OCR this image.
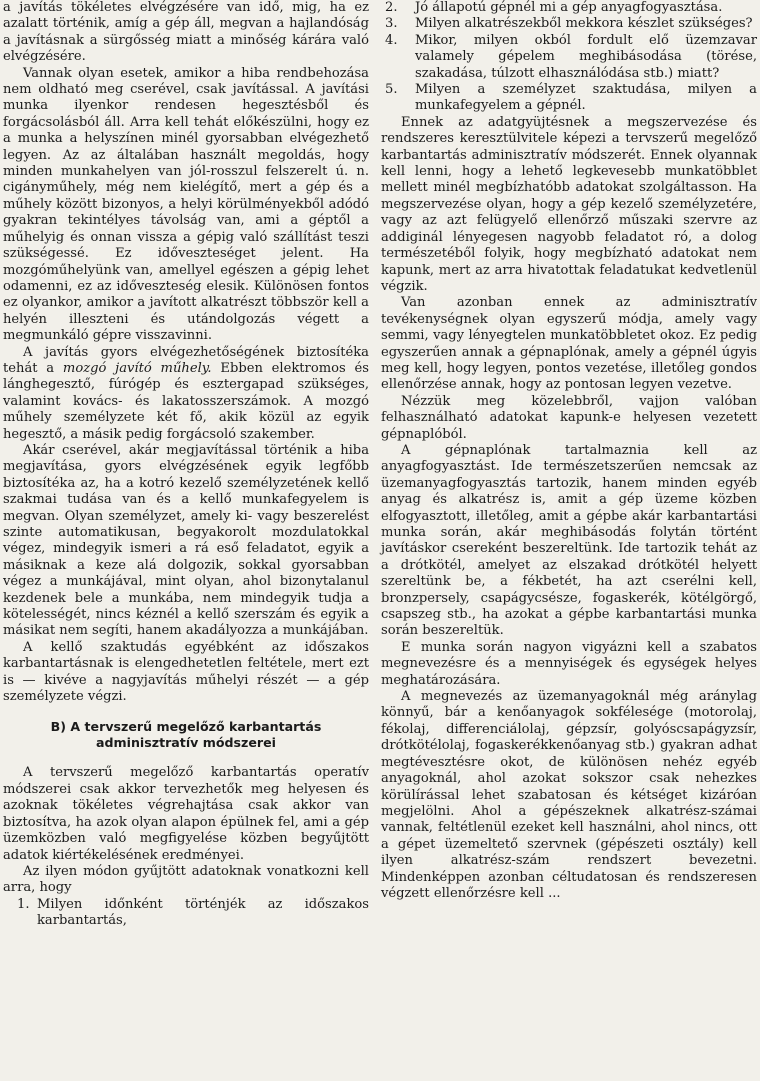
a javítás tökéletes elvégzésére van idő, mig, ha ez azalatt történik, amíg a gép áll, megvan a hajlandóság a javításnak a sürgősség miatt a minőség kárára való elvégzésére.

Vannak olyan esetek, amikor a hiba rendbehozása nem oldható meg cserével, csak javítással. A javítási munka ilyenkor rendesen hegesztésből és forgácsolásból áll. Arra kell tehát előkészülni, hogy ez a munka a helyszínen minél gyorsabban elvégezhető legyen. Az az általában használt megoldás, hogy minden munkahelyen van jól-rosszul felszerelt ú. n. cigányműhely, még nem kielégítő, mert a gép és a műhely között bizonyos, a helyi körülményekből adódó gyakran tekintélyes távolság van, ami a géptől a műhelyig és onnan vissza a gépig való szállítást teszi szükségessé. Ez időveszteséget jelent. Ha mozgóműhelyünk van, amellyel egészen a gépig lehet odamenni, ez az időveszteség elesik. Különösen fontos ez olyankor, amikor a javított alkatrészt többször kell a helyén illeszteni és utándolgozás végett a megmunkáló gépre visszavinni.

A javítás gyors elvégezhetőségének biztosítéka tehát a mozgó javító műhely. Ebben elektromos és lánghegesztő, fúrógép és esztergapad szükséges, valamint kovács- és lakatosszerszámok. A mozgó műhely személyzete két fő, akik közül az egyik hegesztő, a másik pedig forgácsoló szakember.

Akár cserével, akár megjavítással történik a hiba megjavítása, gyors elvégzésének egyik legfőbb biztosítéka az, ha a kotró kezelő személyzetének kellő szakmai tudása van és a kellő munkafegyelem is megvan. Olyan személyzet, amely ki- vagy beszerelést szinte automatikusan, begyakorolt mozdulatokkal végez, mindegyik ismeri a rá eső feladatot, egyik a másiknak a keze alá dolgozik, sokkal gyorsabban végez a munkájával, mint olyan, ahol bizonytalanul kezdenek bele a munkába, nem mindegyik tudja a kötelességét, nincs kéznél a kellő szerszám és egyik a másikat nem segíti, hanem akadályozza a munkájában.

A kellő szaktudás egyébként az időszakos karbantartásnak is elengedhetetlen feltétele, mert ezt is — kivéve a nagyjavítás műhelyi részét — a gép személyzete végzi.

B) A tervszerű megelőző karbantartás
adminisztratív módszerei

A tervszerű megelőző karbantartás operatív módszerei csak akkor tervezhetők meg helyesen és azoknak tökéletes végrehajtása csak akkor van biztosítva, ha azok olyan alapon épülnek fel, ami a gép üzemközben való megfigyelése közben begyűjtött adatok kiértékelésének eredményei.

Az ilyen módon gyűjtött adatoknak vonatkozni kell arra, hogy

1. Milyen időnként történjék az időszakos karbantartás,
2. Jó állapotú gépnél mi a gép anyagfogyasztása.
3. Milyen alkatrészekből mekkora készlet szükséges?
4. Mikor, milyen okból fordult elő üzemzavar valamely gépelem meghibásodása (törése, szakadása, túlzott elhasználódása stb.) miatt?
5. Milyen a személyzet szaktudása, milyen a munkafegyelem a gépnél.

Ennek az adatgyüjtésnek a megszervezése és rendszeres keresztülvitele képezi a tervszerű megelőző karbantartás adminisztratív módszerét. Ennek olyannak kell lenni, hogy a lehető legkevesebb munkatöbblet mellett minél megbízhatóbb adatokat szolgáltasson. Ha megszervezése olyan, hogy a gép kezelő személyzetére, vagy az azt felügyelő ellenőrző műszaki szervre az addiginál lényegesen nagyobb feladatot ró, a dolog természetéből folyik, hogy megbízható adatokat nem kapunk, mert az arra hivatottak feladatukat kedvetlenül végzik.

Van azonban ennek az adminisztratív tevékenységnek olyan egyszerű módja, amely vagy semmi, vagy lényegtelen munkatöbbletet okoz. Ez pedig egyszerűen annak a gépnaplónak, amely a gépnél úgyis meg kell, hogy legyen, pontos vezetése, illetőleg gondos ellenőrzése annak, hogy az pontosan legyen vezetve.

Nézzük meg közelebbről, vajjon valóban felhasználható adatokat kapunk-e helyesen vezetett gépnaplóból.

A gépnaplónak tartalmaznia kell az anyagfogyasztást. Ide természetszerűen nemcsak az üzemanyagfogyasztás tartozik, hanem minden egyéb anyag és alkatrész is, amit a gép üzeme közben elfogyasztott, illetőleg, amit a gépbe akár karbantartási munka során, akár meghibásodás folytán történt javításkor csereként beszereltünk. Ide tartozik tehát az a drótkötél, amelyet az elszakad drótkötél helyett szereltünk be, a fékbetét, ha azt cserélni kell, bronzpersely, csapágycsésze, fogaskerék, kötélgörgő, csapszeg stb., ha azokat a gépbe karbantartási munka során beszereltük.

E munka során nagyon vigyázni kell a szabatos megnevezésre és a mennyiségek és egységek helyes meghatározására.

A megnevezés az üzemanyagoknál még aránylag könnyű, bár a kenőanyagok sokfélesége (motorolaj, fékolaj, differenciálolaj, gépzsír, golyóscsapágyzsír, drótkötélolaj, fogaskerékkenőanyag stb.) gyakran adhat megtévesztésre okot, de különösen nehéz egyéb anyagoknál, ahol azokat sokszor csak nehezkes körülírással lehet szabatosan és kétséget kizáróan megjelölni. Ahol a gépészeknek alkatrész-számai vannak, feltétlenül ezeket kell használni, ahol nincs, ott a gépet üzemeltető szervnek (gépészeti osztály) kell ilyen alkatrész-szám rendszert bevezetni. Mindenképpen azonban céltudatosan és rendszeresen végzett ellenőrzésre kell ...
